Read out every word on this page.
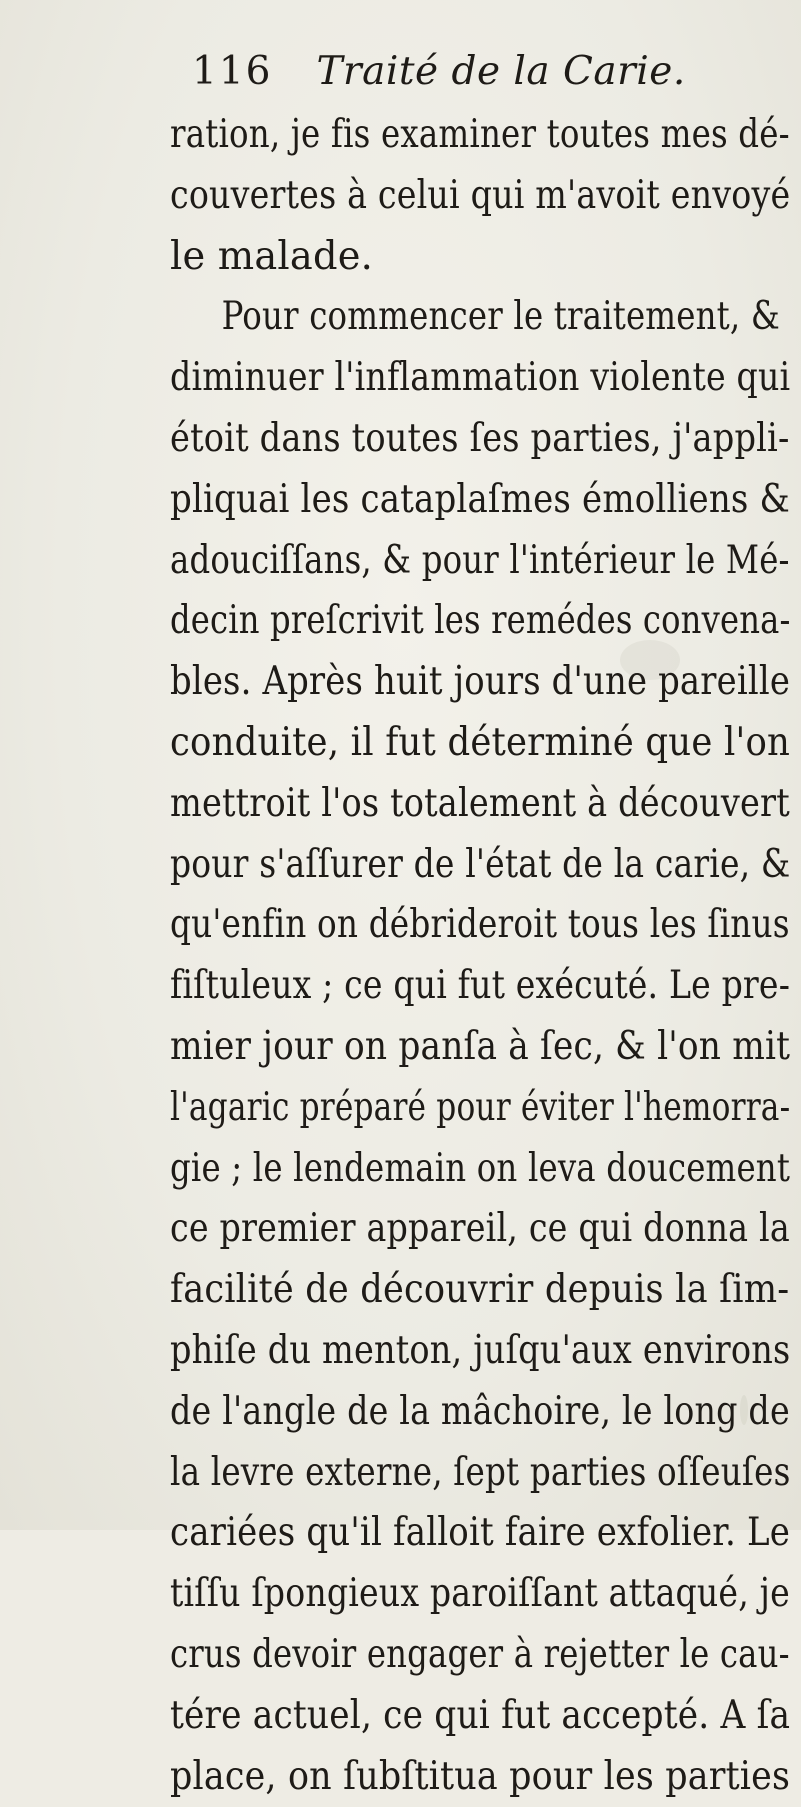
116 Traité de la Carie.
ration, je fis examiner toutes mes dé-
couvertes à celui qui m'avoit envoyé
le malade.
Pour commencer le traitement, &
diminuer l'inflammation violente qui
étoit dans toutes ſes parties, j'appli-
pliquai les cataplaſmes émolliens &
adouciſſans, & pour l'intérieur le Mé-
decin preſcrivit les remédes convena-
bles. Après huit jours d'une pareille
conduite, il fut déterminé que l'on
mettroit l'os totalement à découvert
pour s'aſſurer de l'état de la carie, &
qu'enfin on débrideroit tous les ſinus
fiſtuleux ; ce qui fut exécuté. Le pre-
mier jour on panſa à ſec, & l'on mit
l'agaric préparé pour éviter l'hemorra-
gie ; le lendemain on leva doucement
ce premier appareil, ce qui donna la
facilité de découvrir depuis la ſim-
phiſe du menton, juſqu'aux environs
de l'angle de la mâchoire, le long de
la levre externe, ſept parties oſſeuſes
cariées qu'il falloit faire exfolier. Le
tiſſu ſpongieux paroiſſant attaqué, je
crus devoir engager à rejetter le cau-
tére actuel, ce qui fut accepté. A ſa
place, on ſubſtitua pour les parties
